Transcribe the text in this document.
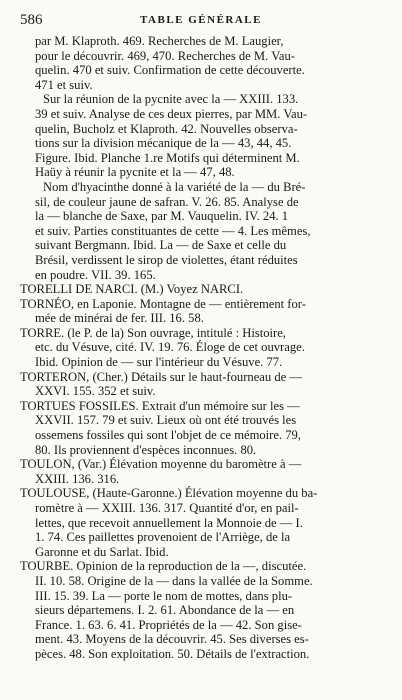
586	TABLE GÉNÉRALE
par M. Klaproth. 469. Recherches de M. Laugier,
pour le découvrir. 469, 470. Recherches de M. Vau-
quelin. 470 et suiv. Confirmation de cette découverte.
471 et suiv.
Sur la réunion de la pycnite avec la — XXIII. 133.
39 et suiv. Analyse de ces deux pierres, par MM. Vau-
quelin, Bucholz et Klaproth. 42. Nouvelles observa-
tions sur la division mécanique de la — 43, 44, 45.
Figure. Ibid. Planche 1.re Motifs qui déterminent M.
Haüy à réunir la pycnite et la — 47, 48.
Nom d'hyacinthe donné à la variété de la — du Bré-
sil, de couleur jaune de safran. V. 26. 85. Analyse de
la — blanche de Saxe, par M. Vauquelin. IV. 24. 1
et suiv. Parties constituantes de cette — 4. Les mêmes,
suivant Bergmann. Ibid. La — de Saxe et celle du
Brésil, verdissent le sirop de violettes, étant réduites
en poudre. VII. 39. 165.
TORELLI DE NARCI. (M.) Voyez NARCI.
TORNÉO, en Laponie. Montagne de — entièrement for-
mée de minérai de fer. III. 16. 58.
TORRE. (le P. de la) Son ouvrage, intitulé : Histoire,
etc. du Vésuve, cité. IV. 19. 76. Éloge de cet ouvrage.
Ibid. Opinion de — sur l'intérieur du Vésuve. 77.
TORTERON, (Cher.) Détails sur le haut-fourneau de —
XXVI. 155. 352 et suiv.
TORTUES FOSSILES. Extrait d'un mémoire sur les —
XXVII. 157. 79 et suiv. Lieux où ont été trouvés les
ossemens fossiles qui sont l'objet de ce mémoire. 79,
80. Ils proviennent d'espèces inconnues. 80.
TOULON, (Var.) Élévation moyenne du baromètre à —
XXIII. 136. 316.
TOULOUSE, (Haute-Garonne.) Élévation moyenne du ba-
romètre à — XXIII. 136. 317. Quantité d'or, en pail-
lettes, que recevoit annuellement la Monnoie de — I.
1. 74. Ces paillettes provenoient de l'Arriège, de la
Garonne et du Sarlat. Ibid.
TOURBE. Opinion de la reproduction de la —, discutée.
II. 10. 58. Origine de la — dans la vallée de la Somme.
III. 15. 39. La — porte le nom de mottes, dans plu-
sieurs départemens. I. 2. 61. Abondance de la — en
France. 1. 63. 6. 41. Propriétés de la — 42. Son gise-
ment. 43. Moyens de la découvrir. 45. Ses diverses es-
pèces. 48. Son exploitation. 50. Détails de l'extraction.
